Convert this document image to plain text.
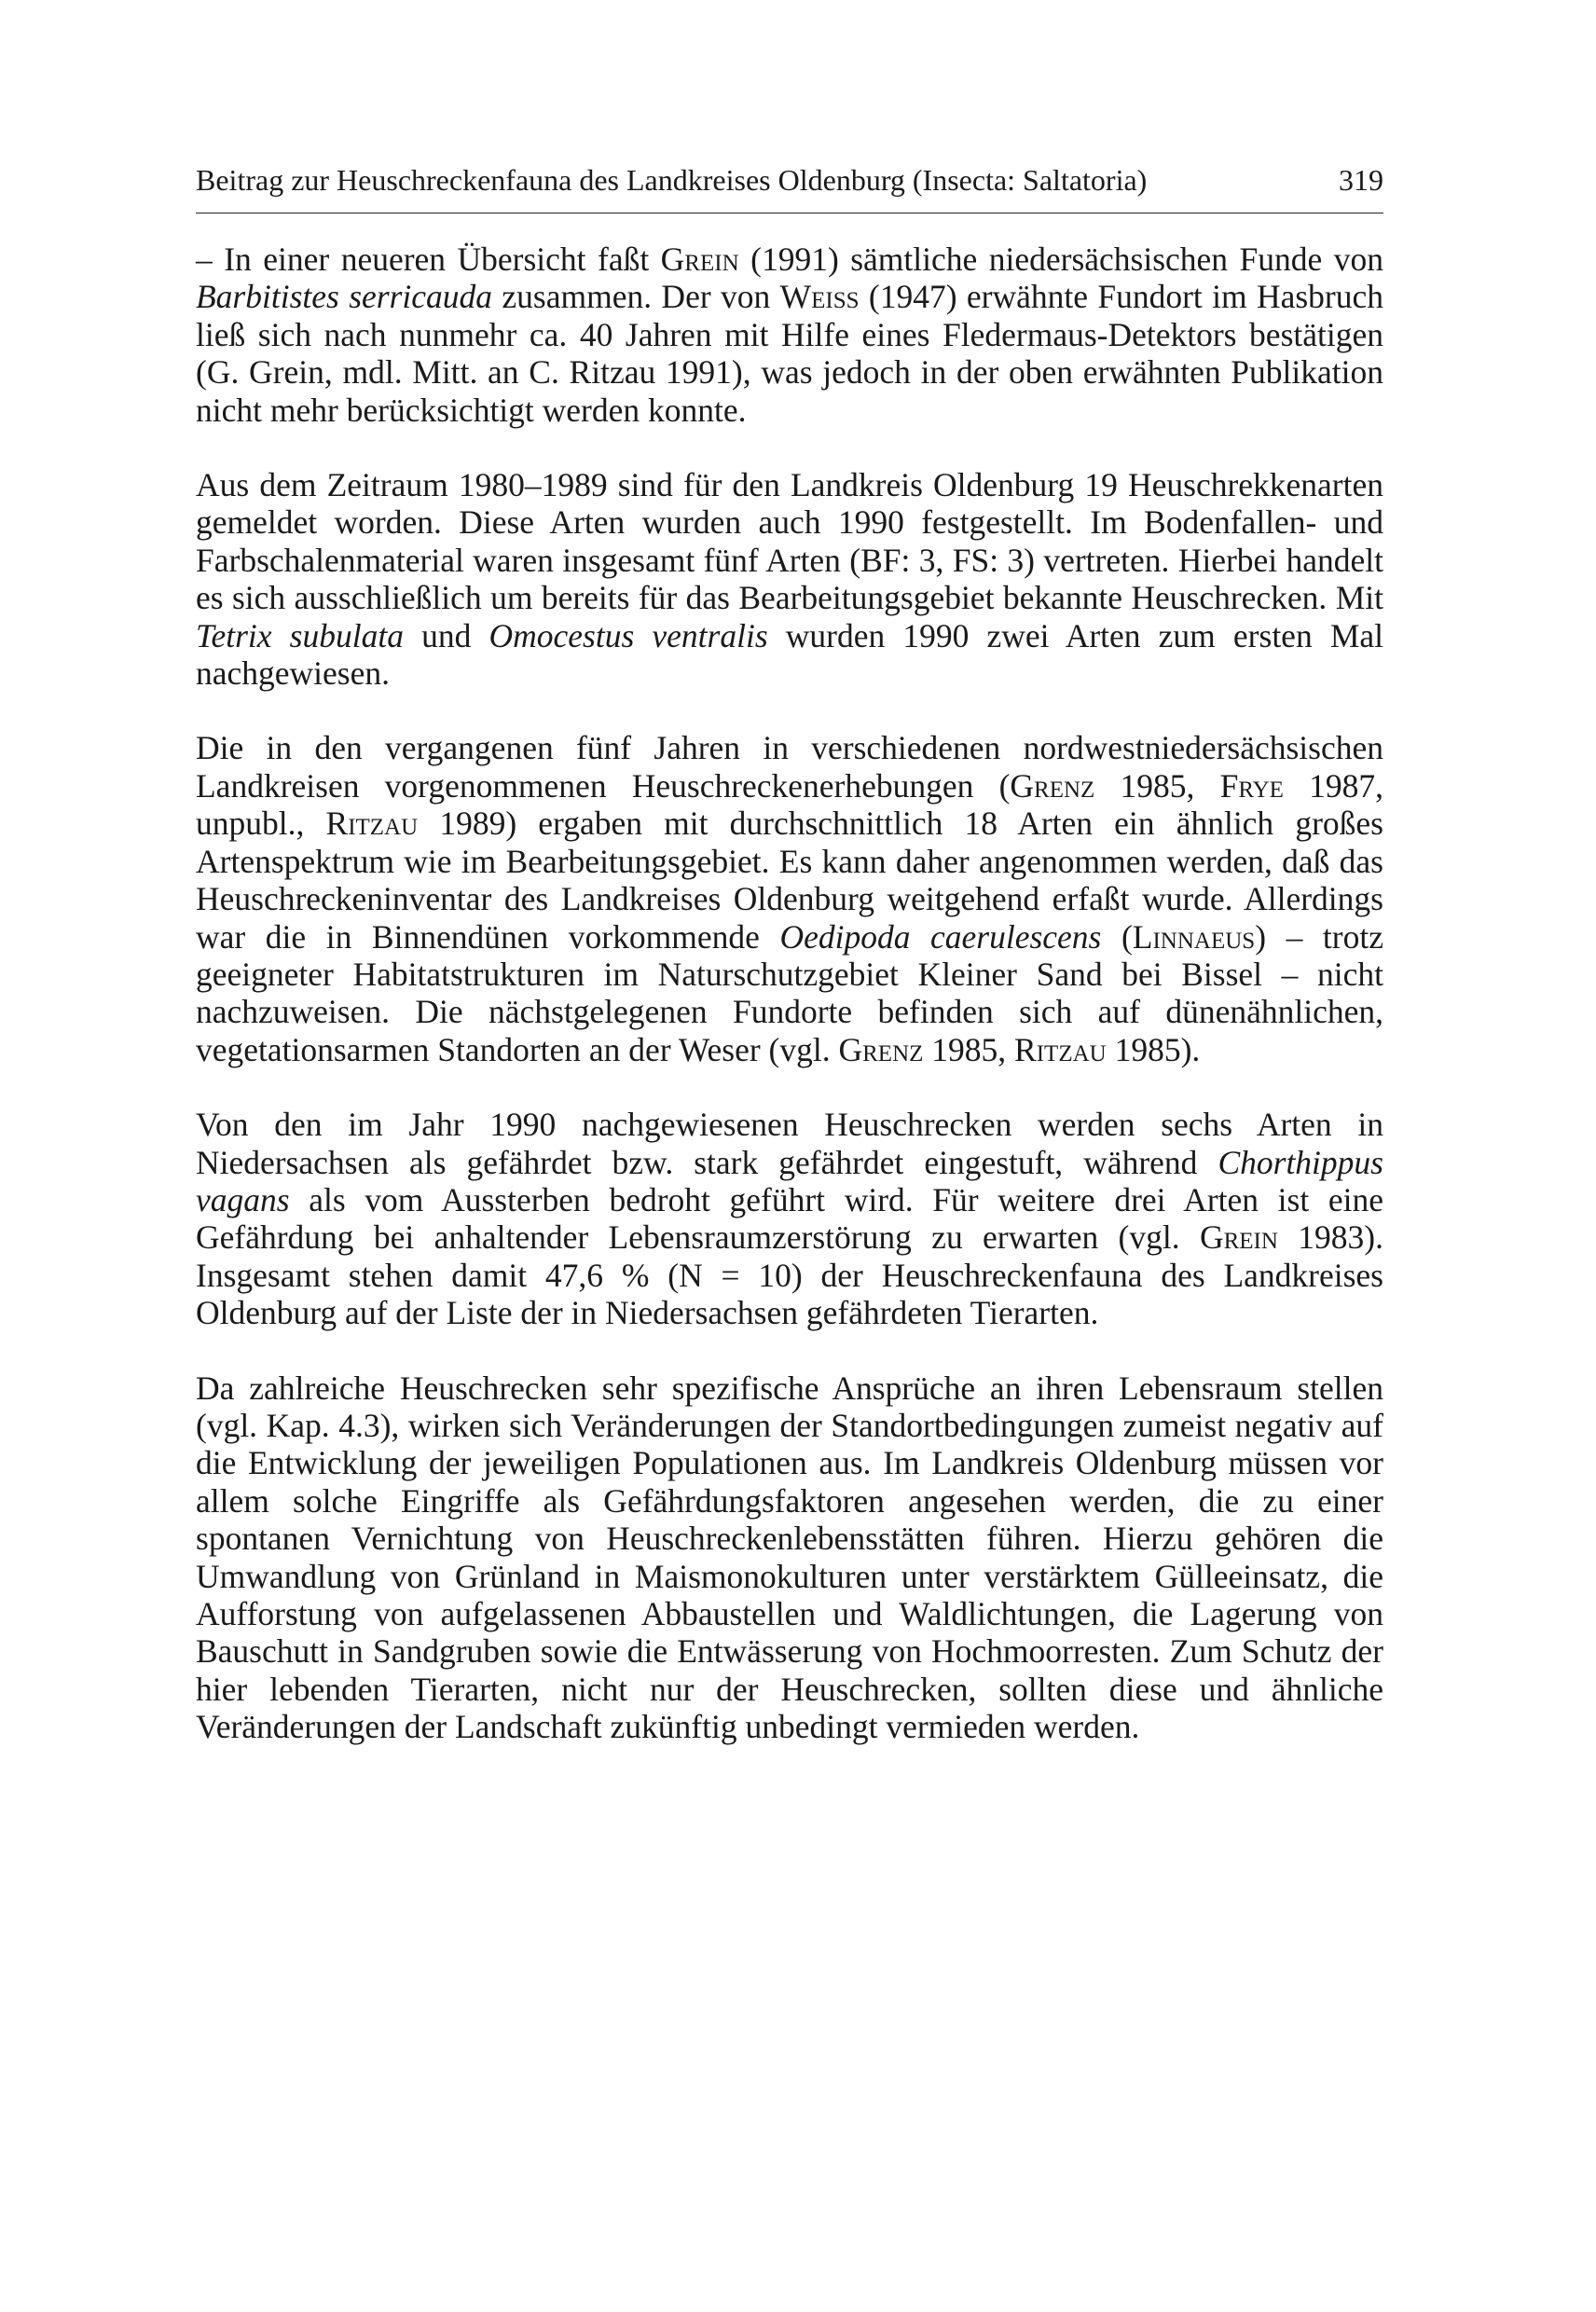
Beitrag zur Heuschreckenfauna des Landkreises Oldenburg (Insecta: Saltatoria)	319

– In einer neueren Übersicht faßt Grein (1991) sämtliche niedersächsischen Funde von Barbitistes serricauda zusammen. Der von Weiss (1947) erwähnte Fundort im Hasbruch ließ sich nach nunmehr ca. 40 Jahren mit Hilfe eines Fledermaus-Detektors bestätigen (G. Grein, mdl. Mitt. an C. Ritzau 1991), was jedoch in der oben erwähnten Publikation nicht mehr berücksichtigt werden konnte.

Aus dem Zeitraum 1980–1989 sind für den Landkreis Oldenburg 19 Heuschrekkenarten gemeldet worden. Diese Arten wurden auch 1990 festgestellt. Im Bodenfallen- und Farbschalenmaterial waren insgesamt fünf Arten (BF: 3, FS: 3) vertreten. Hierbei handelt es sich ausschließlich um bereits für das Bearbeitungsgebiet bekannte Heuschrecken. Mit Tetrix subulata und Omocestus ventralis wurden 1990 zwei Arten zum ersten Mal nachgewiesen.

Die in den vergangenen fünf Jahren in verschiedenen nordwestniedersächsischen Landkreisen vorgenommenen Heuschreckenerhebungen (Grenz 1985, Frye 1987, unpubl., Ritzau 1989) ergaben mit durchschnittlich 18 Arten ein ähnlich großes Artenspektrum wie im Bearbeitungsgebiet. Es kann daher angenommen werden, daß das Heuschreckeninventar des Landkreises Oldenburg weitgehend erfaßt wurde. Allerdings war die in Binnendünen vorkommende Oedipoda caerulescens (Linnaeus) – trotz geeigneter Habitatstrukturen im Naturschutzgebiet Kleiner Sand bei Bissel – nicht nachzuweisen. Die nächstgelegenen Fundorte befinden sich auf dünenähnlichen, vegetationsarmen Standorten an der Weser (vgl. Grenz 1985, Ritzau 1985).

Von den im Jahr 1990 nachgewiesenen Heuschrecken werden sechs Arten in Niedersachsen als gefährdet bzw. stark gefährdet eingestuft, während Chorthippus vagans als vom Aussterben bedroht geführt wird. Für weitere drei Arten ist eine Gefährdung bei anhaltender Lebensraumzerstörung zu erwarten (vgl. Grein 1983). Insgesamt stehen damit 47,6 % (N = 10) der Heuschreckenfauna des Landkreises Oldenburg auf der Liste der in Niedersachsen gefährdeten Tierarten.

Da zahlreiche Heuschrecken sehr spezifische Ansprüche an ihren Lebensraum stellen (vgl. Kap. 4.3), wirken sich Veränderungen der Standortbedingungen zumeist negativ auf die Entwicklung der jeweiligen Populationen aus. Im Landkreis Oldenburg müssen vor allem solche Eingriffe als Gefährdungsfaktoren angesehen werden, die zu einer spontanen Vernichtung von Heuschreckenlebensstätten führen. Hierzu gehören die Umwandlung von Grünland in Maismonokulturen unter verstärktem Gülleeinsatz, die Aufforstung von aufgelassenen Abbaustellen und Waldlichtungen, die Lagerung von Bauschutt in Sandgruben sowie die Entwässerung von Hochmoorresten. Zum Schutz der hier lebenden Tierarten, nicht nur der Heuschrecken, sollten diese und ähnliche Veränderungen der Landschaft zukünftig unbedingt vermieden werden.
